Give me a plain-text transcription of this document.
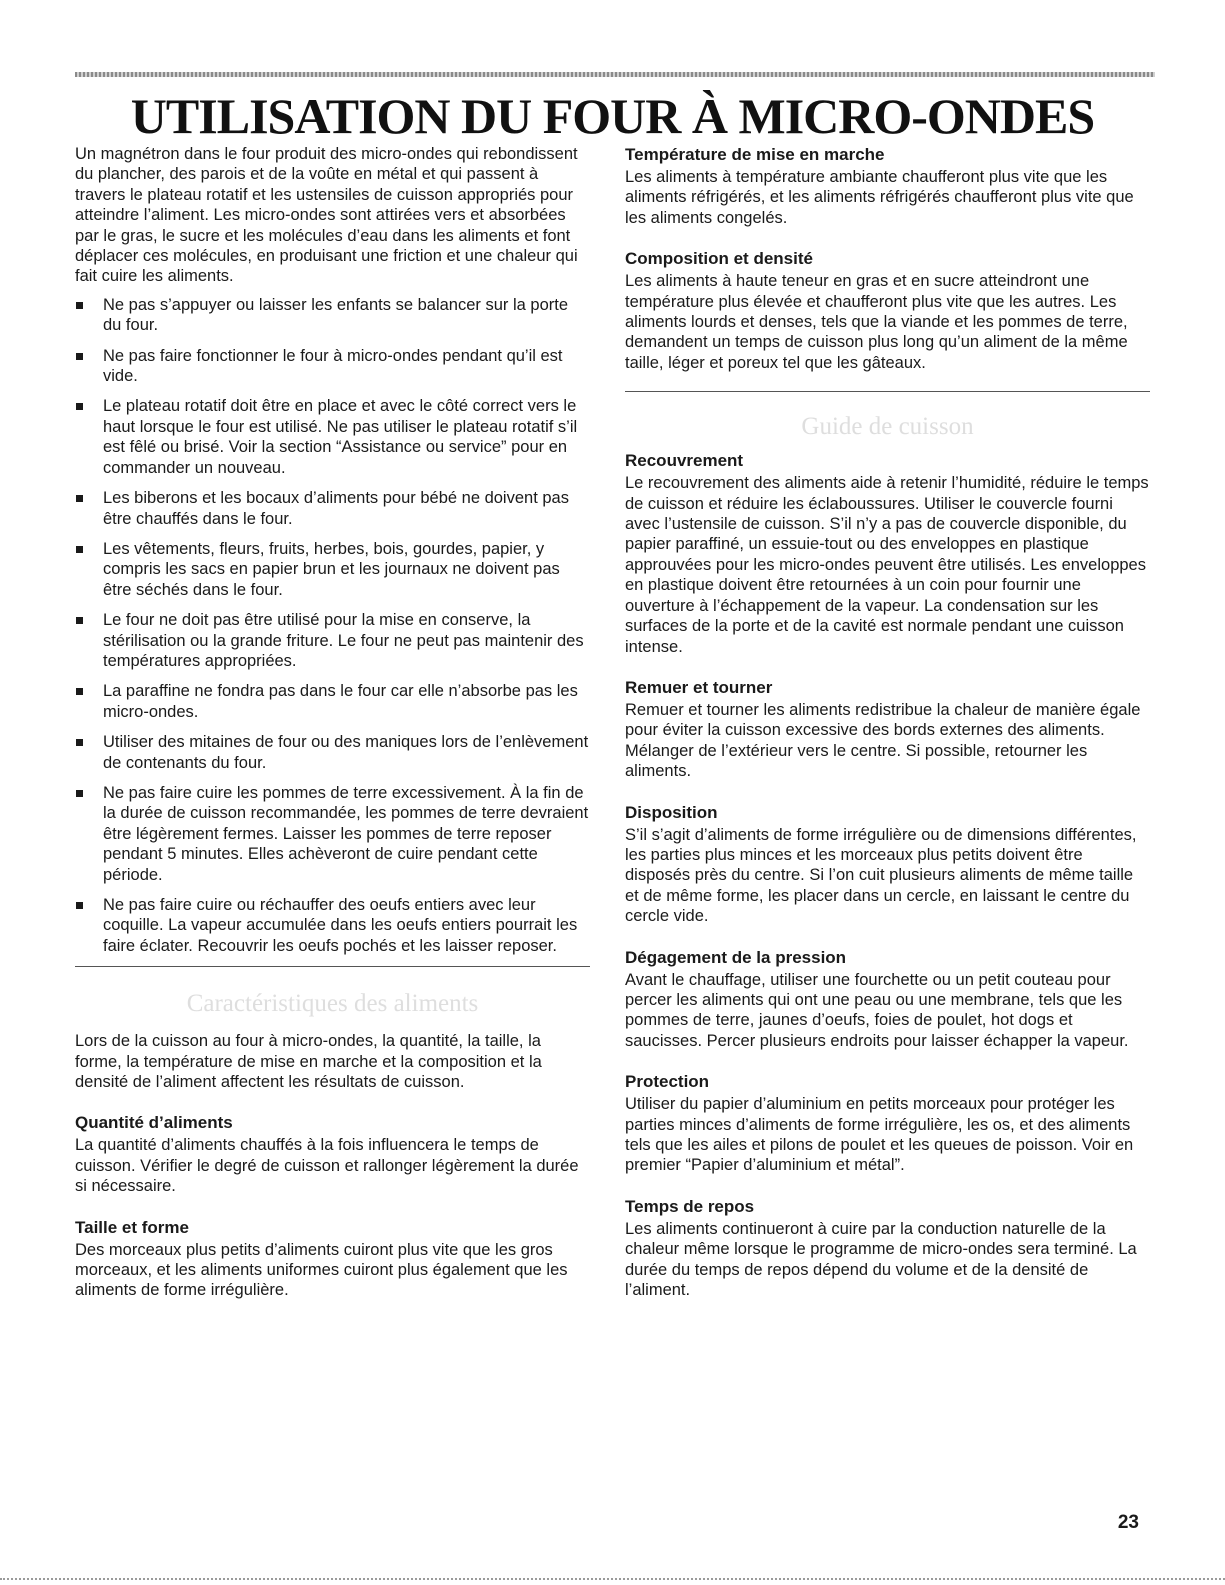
UTILISATION DU FOUR À MICRO-ONDES

Un magnétron dans le four produit des micro-ondes qui rebondissent du plancher, des parois et de la voûte en métal et qui passent à travers le plateau rotatif et les ustensiles de cuisson appropriés pour atteindre l’aliment. Les micro-ondes sont attirées vers et absorbées par le gras, le sucre et les molécules d’eau dans les aliments et font déplacer ces molécules, en produisant une friction et une chaleur qui fait cuire les aliments.

Ne pas s’appuyer ou laisser les enfants se balancer sur la porte du four.
Ne pas faire fonctionner le four à micro-ondes pendant qu’il est vide.
Le plateau rotatif doit être en place et avec le côté correct vers le haut lorsque le four est utilisé. Ne pas utiliser le plateau rotatif s’il est fêlé ou brisé. Voir la section “Assistance ou service” pour en commander un nouveau.
Les biberons et les bocaux d’aliments pour bébé ne doivent pas être chauffés dans le four.
Les vêtements, fleurs, fruits, herbes, bois, gourdes, papier, y compris les sacs en papier brun et les journaux ne doivent pas être séchés dans le four.
Le four ne doit pas être utilisé pour la mise en conserve, la stérilisation ou la grande friture. Le four ne peut pas maintenir des températures appropriées.
La paraffine ne fondra pas dans le four car elle n’absorbe pas les micro-ondes.
Utiliser des mitaines de four ou des maniques lors de l’enlèvement de contenants du four.
Ne pas faire cuire les pommes de terre excessivement. À la fin de la durée de cuisson recommandée, les pommes de terre devraient être légèrement fermes. Laisser les pommes de terre reposer pendant 5 minutes. Elles achèveront de cuire pendant cette période.
Ne pas faire cuire ou réchauffer des oeufs entiers avec leur coquille. La vapeur accumulée dans les oeufs entiers pourrait les faire éclater. Recouvrir les oeufs pochés et les laisser reposer.
Caractéristiques des aliments

Lors de la cuisson au four à micro-ondes, la quantité, la taille, la forme, la température de mise en marche et la composition et la densité de l’aliment affectent les résultats de cuisson.

Quantité d’aliments

La quantité d’aliments chauffés à la fois influencera le temps de cuisson. Vérifier le degré de cuisson et rallonger légèrement la durée si nécessaire.

Taille et forme

Des morceaux plus petits d’aliments cuiront plus vite que les gros morceaux, et les aliments uniformes cuiront plus également que les aliments de forme irrégulière.

Température de mise en marche

Les aliments à température ambiante chaufferont plus vite que les aliments réfrigérés, et les aliments réfrigérés chaufferont plus vite que les aliments congelés.

Composition et densité

Les aliments à haute teneur en gras et en sucre atteindront une température plus élevée et chaufferont plus vite que les autres. Les aliments lourds et denses, tels que la viande et les pommes de terre, demandent un temps de cuisson plus long qu’un aliment de la même taille, léger et poreux tel que les gâteaux.

Guide de cuisson
Recouvrement

Le recouvrement des aliments aide à retenir l’humidité, réduire le temps de cuisson et réduire les éclaboussures. Utiliser le couvercle fourni avec l’ustensile de cuisson. S’il n’y a pas de couvercle disponible, du papier paraffiné, un essuie-tout ou des enveloppes en plastique approuvées pour les micro-ondes peuvent être utilisés. Les enveloppes en plastique doivent être retournées à un coin pour fournir une ouverture à l’échappement de la vapeur. La condensation sur les surfaces de la porte et de la cavité est normale pendant une cuisson intense.

Remuer et tourner

Remuer et tourner les aliments redistribue la chaleur de manière égale pour éviter la cuisson excessive des bords externes des aliments. Mélanger de l’extérieur vers le centre. Si possible, retourner les aliments.

Disposition

S’il s’agit d’aliments de forme irrégulière ou de dimensions différentes, les parties plus minces et les morceaux plus petits doivent être disposés près du centre. Si l’on cuit plusieurs aliments de même taille et de même forme, les placer dans un cercle, en laissant le centre du cercle vide.

Dégagement de la pression

Avant le chauffage, utiliser une fourchette ou un petit couteau pour percer les aliments qui ont une peau ou une membrane, tels que les pommes de terre, jaunes d’oeufs, foies de poulet, hot dogs et saucisses. Percer plusieurs endroits pour laisser échapper la vapeur.

Protection

Utiliser du papier d’aluminium en petits morceaux pour protéger les parties minces d’aliments de forme irrégulière, les os, et des aliments tels que les ailes et pilons de poulet et les queues de poisson. Voir en premier “Papier d’aluminium et métal”.

Temps de repos

Les aliments continueront à cuire par la conduction naturelle de la chaleur même lorsque le programme de micro-ondes sera terminé. La durée du temps de repos dépend du volume et de la densité de l’aliment.

23
